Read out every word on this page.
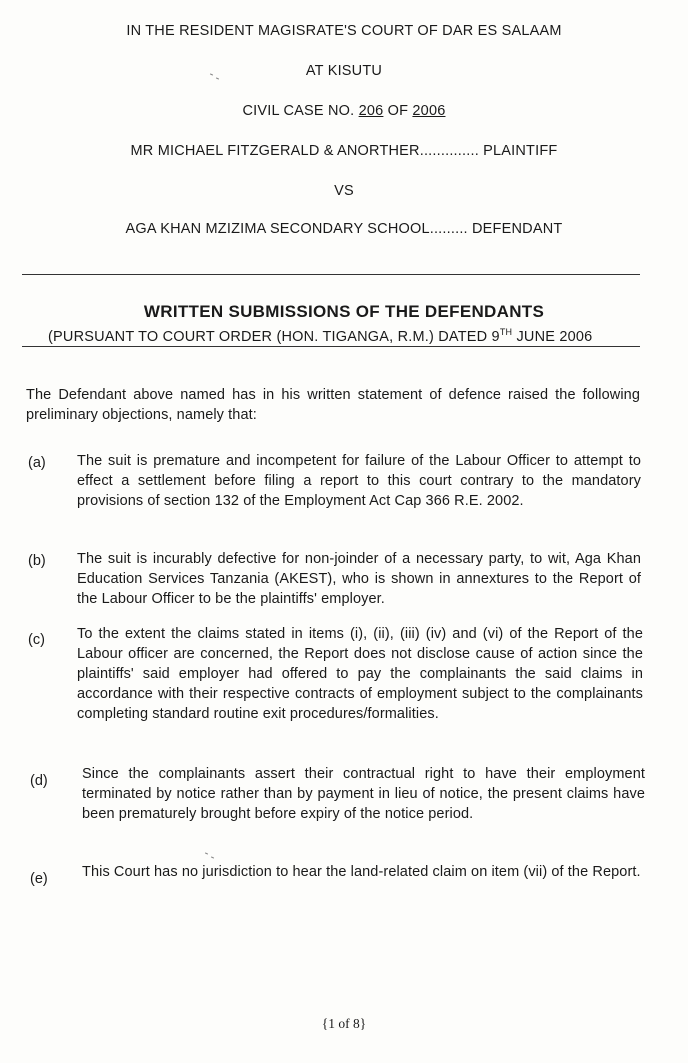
IN THE RESIDENT MAGISRATE'S COURT OF DAR ES SALAAM
AT KISUTU
CIVIL CASE NO. 206 OF 2006
MR MICHAEL FITZGERALD & ANORTHER.............. PLAINTIFF
VS
AGA KHAN MZIZIMA SECONDARY SCHOOL......... DEFENDANT
WRITTEN SUBMISSIONS OF THE DEFENDANTS
(PURSUANT TO COURT ORDER (HON. TIGANGA, R.M.) DATED 9TH JUNE 2006
The Defendant above named has in his written statement of defence raised the following preliminary objections, namely that:
(a) The suit is premature and incompetent for failure of the Labour Officer to attempt to effect a settlement before filing a report to this court contrary to the mandatory provisions of section 132 of the Employment Act Cap 366 R.E. 2002.
(b) The suit is incurably defective for non-joinder of a necessary party, to wit, Aga Khan Education Services Tanzania (AKEST), who is shown in annextures to the Report of the Labour Officer to be the plaintiffs' employer.
(c) To the extent the claims stated in items (i), (ii), (iii) (iv) and (vi) of the Report of the Labour officer are concerned, the Report does not disclose cause of action since the plaintiffs' said employer had offered to pay the complainants the said claims in accordance with their respective contracts of employment subject to the complainants completing standard routine exit procedures/formalities.
(d) Since the complainants assert their contractual right to have their employment terminated by notice rather than by payment in lieu of notice, the present claims have been prematurely brought before expiry of the notice period.
(e) This Court has no jurisdiction to hear the land-related claim on item (vii) of the Report.
{1 of 8}
